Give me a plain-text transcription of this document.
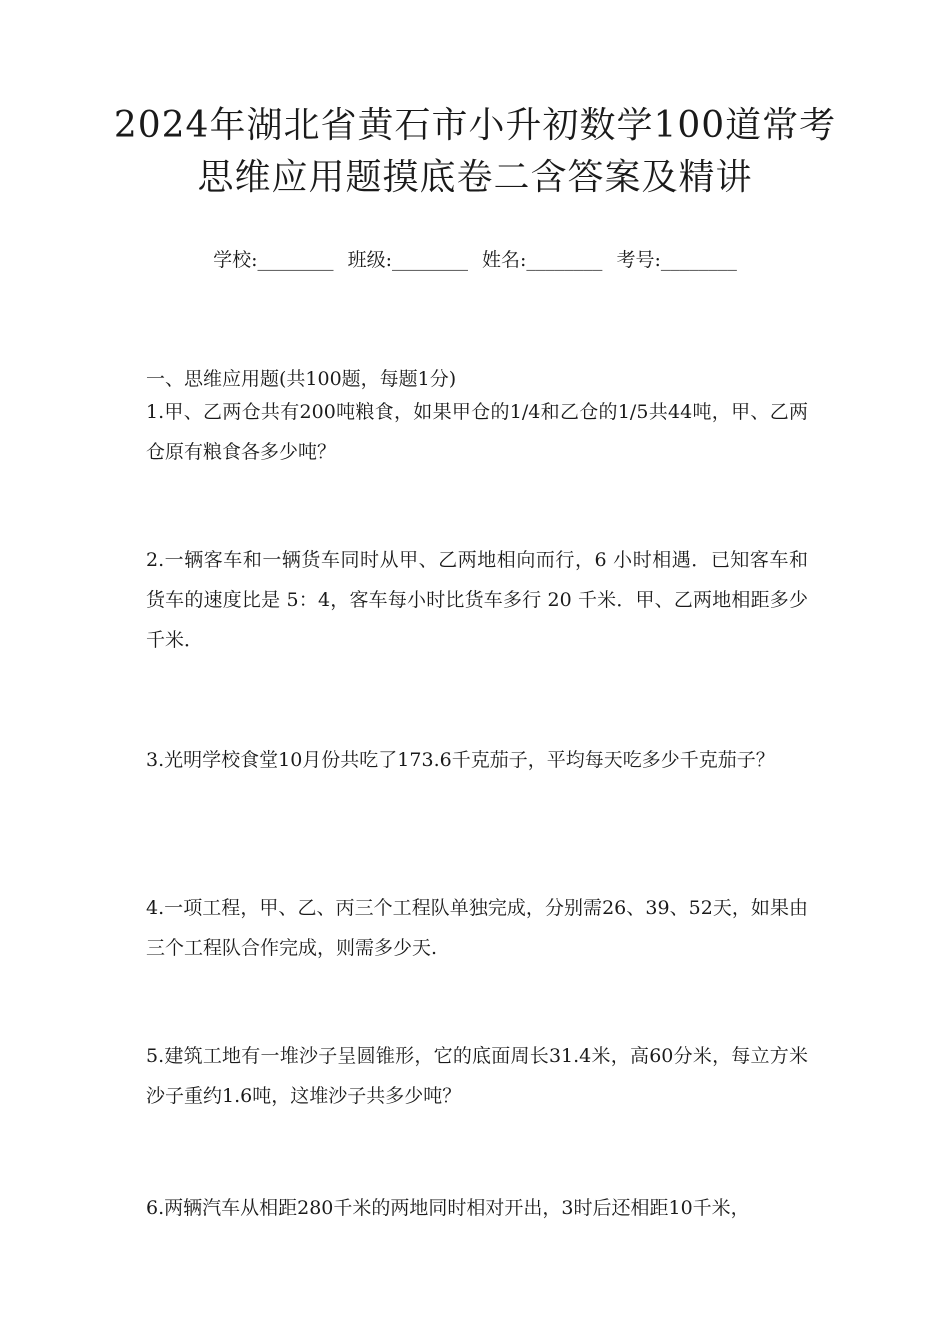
2024年湖北省黄石市小升初数学100道常考
思维应用题摸底卷二含答案及精讲
学校:________ 班级:________ 姓名:________ 考号:________

一、思维应用题(共100题，每题1分)

1.甲、乙两仓共有200吨粮食，如果甲仓的1/4和乙仓的1/5共44吨，甲、乙两仓原有粮食各多少吨？

2.一辆客车和一辆货车同时从甲、乙两地相向而行，6 小时相遇．已知客车和货车的速度比是 5：4，客车每小时比货车多行 20 千米．甲、乙两地相距多少千米．

3.光明学校食堂10月份共吃了173.6千克茄子，平均每天吃多少千克茄子？

4.一项工程，甲、乙、丙三个工程队单独完成，分别需26、39、52天，如果由三个工程队合作完成，则需多少天.

5.建筑工地有一堆沙子呈圆锥形，它的底面周长31.4米，高60分米，每立方米沙子重约1.6吨，这堆沙子共多少吨？

6.两辆汽车从相距280千米的两地同时相对开出，3时后还相距10千米，
